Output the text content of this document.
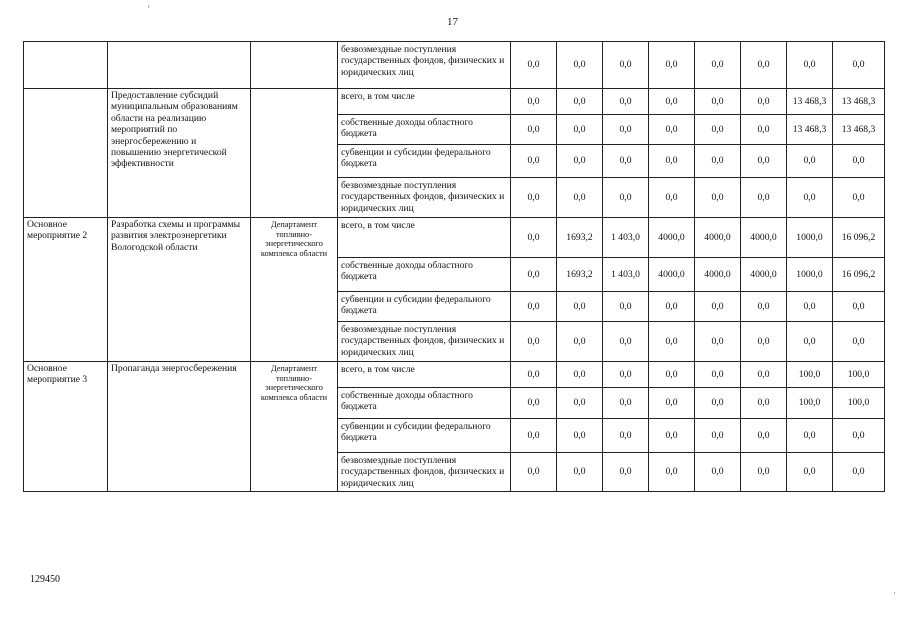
17
'
·
			безвозмездные поступления государственных фондов, физических и юридических лиц	0,0	0,0	0,0	0,0	0,0	0,0	0,0	0,0
	Предоставление субсидий муниципальным образованиям области на реализацию мероприятий по энергосбережению и повышению энергетической эффективности		всего, в том числе	0,0	0,0	0,0	0,0	0,0	0,0	13 468,3	13 468,3
			собственные доходы областного бюджета	0,0	0,0	0,0	0,0	0,0	0,0	13 468,3	13 468,3
			субвенции и субсидии федерального бюджета	0,0	0,0	0,0	0,0	0,0	0,0	0,0	0,0
			безвозмездные поступления государственных фондов, физических и юридических лиц	0,0	0,0	0,0	0,0	0,0	0,0	0,0	0,0
Основное мероприятие 2	Разработка схемы и программы развития электроэнергетики Вологодской области	Департамент топливно-энергетического комплекса области	всего, в том числе	0,0	1693,2	1 403,0	4000,0	4000,0	4000,0	1000,0	16 096,2
			собственные доходы областного бюджета	0,0	1693,2	1 403,0	4000,0	4000,0	4000,0	1000,0	16 096,2
			субвенции и субсидии федерального бюджета	0,0	0,0	0,0	0,0	0,0	0,0	0,0	0,0
			безвозмездные поступления государственных фондов, физических и юридических лиц	0,0	0,0	0,0	0,0	0,0	0,0	0,0	0,0
Основное мероприятие 3	Пропаганда энергосбережения	Департамент топливно-энергетического комплекса области	всего, в том числе	0,0	0,0	0,0	0,0	0,0	0,0	100,0	100,0
			собственные доходы областного бюджета	0,0	0,0	0,0	0,0	0,0	0,0	100,0	100,0
			субвенции и субсидии федерального бюджета	0,0	0,0	0,0	0,0	0,0	0,0	0,0	0,0
			безвозмездные поступления государственных фондов, физических и юридических лиц	0,0	0,0	0,0	0,0	0,0	0,0	0,0	0,0
129450
